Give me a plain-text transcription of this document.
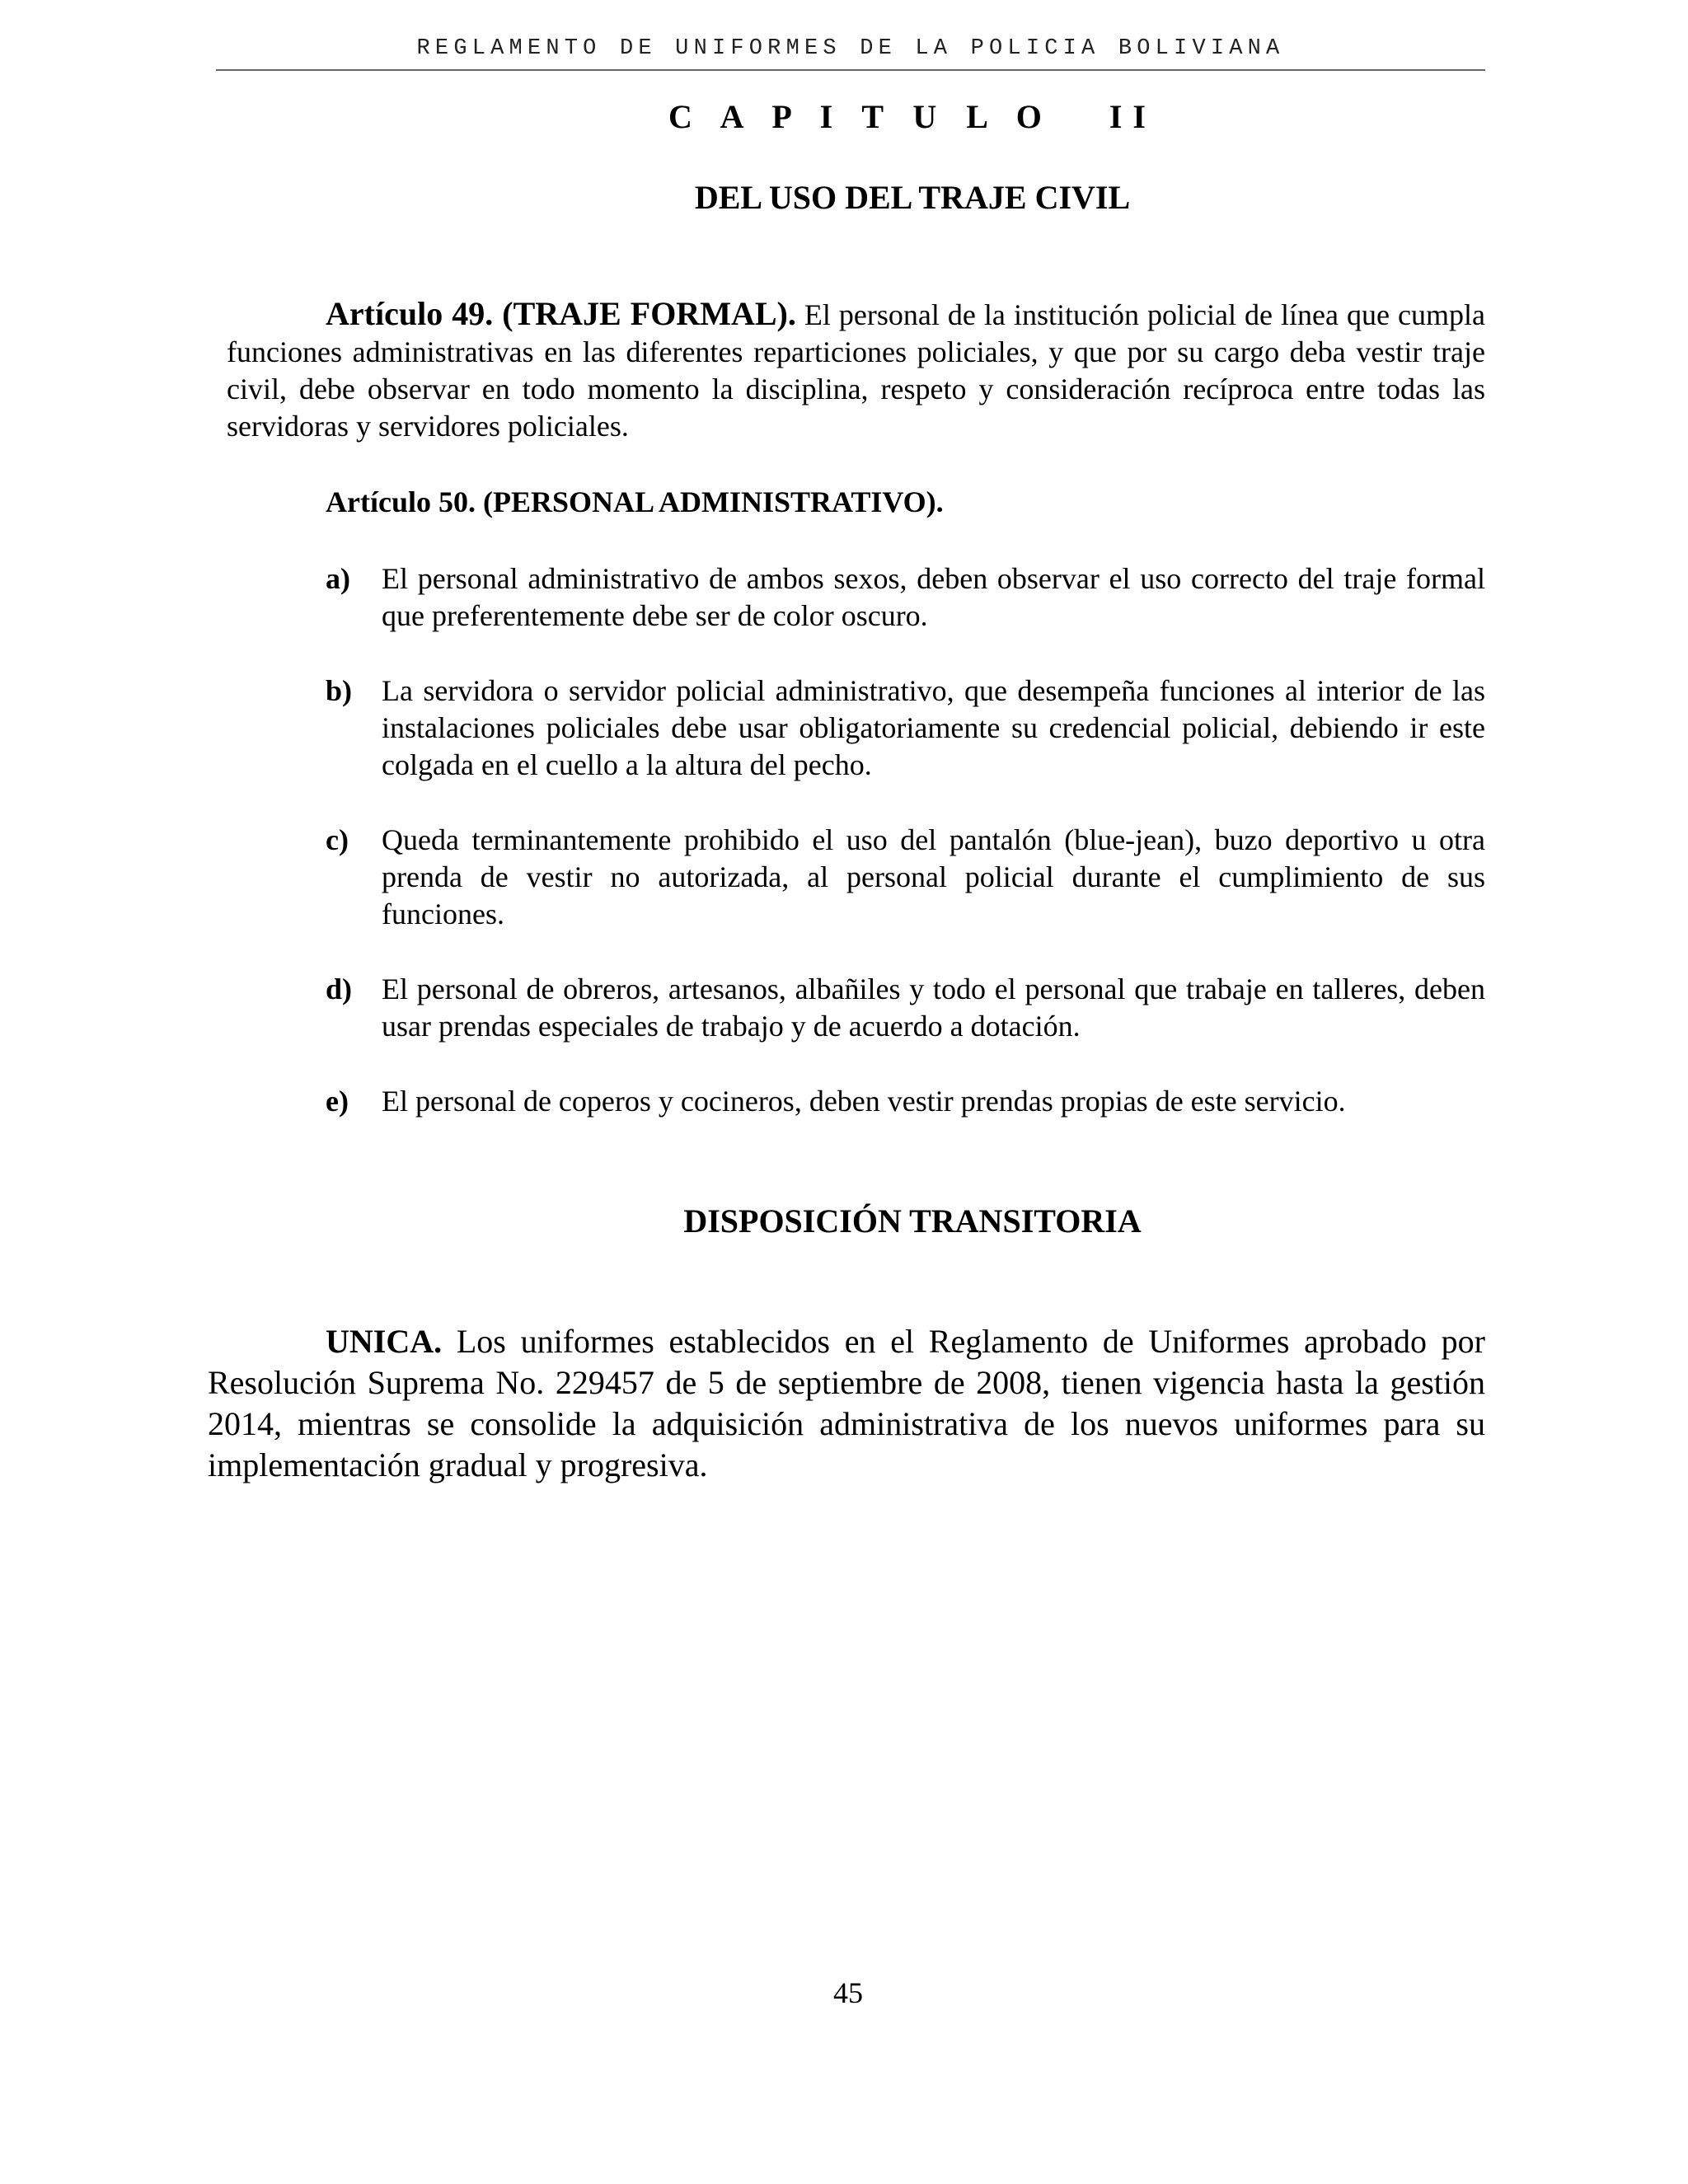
REGLAMENTO DE UNIFORMES DE LA POLICIA BOLIVIANA
C A P I T U L O   II
DEL USO DEL TRAJE CIVIL

Artículo 49. (TRAJE FORMAL). El personal de la institución policial de línea que cumpla funciones administrativas en las diferentes reparticiones policiales, y que por su cargo deba vestir traje civil, debe observar en todo momento la disciplina, respeto y consideración recíproca entre todas las servidoras y servidores policiales.

Artículo 50. (PERSONAL ADMINISTRATIVO).

a) El personal administrativo de ambos sexos, deben observar el uso correcto del traje formal que preferentemente debe ser de color oscuro.
b) La servidora o servidor policial administrativo, que desempeña funciones al interior de las instalaciones policiales debe usar obligatoriamente su credencial policial, debiendo ir este colgada en el cuello a la altura del pecho.
c) Queda terminantemente prohibido el uso del pantalón (blue-jean), buzo deportivo u otra prenda de vestir no autorizada, al personal policial durante el cumplimiento de sus funciones.
d) El personal de obreros, artesanos, albañiles y todo el personal que trabaje en talleres, deben usar prendas especiales de trabajo y de acuerdo a dotación.
e) El personal de coperos y cocineros, deben vestir prendas propias de este servicio.
DISPOSICIÓN TRANSITORIA

UNICA. Los uniformes establecidos en el Reglamento de Uniformes aprobado por Resolución Suprema No. 229457 de 5 de septiembre de 2008, tienen vigencia hasta la gestión 2014, mientras se consolide la adquisición administrativa de los nuevos uniformes para su implementación gradual y progresiva.

45
